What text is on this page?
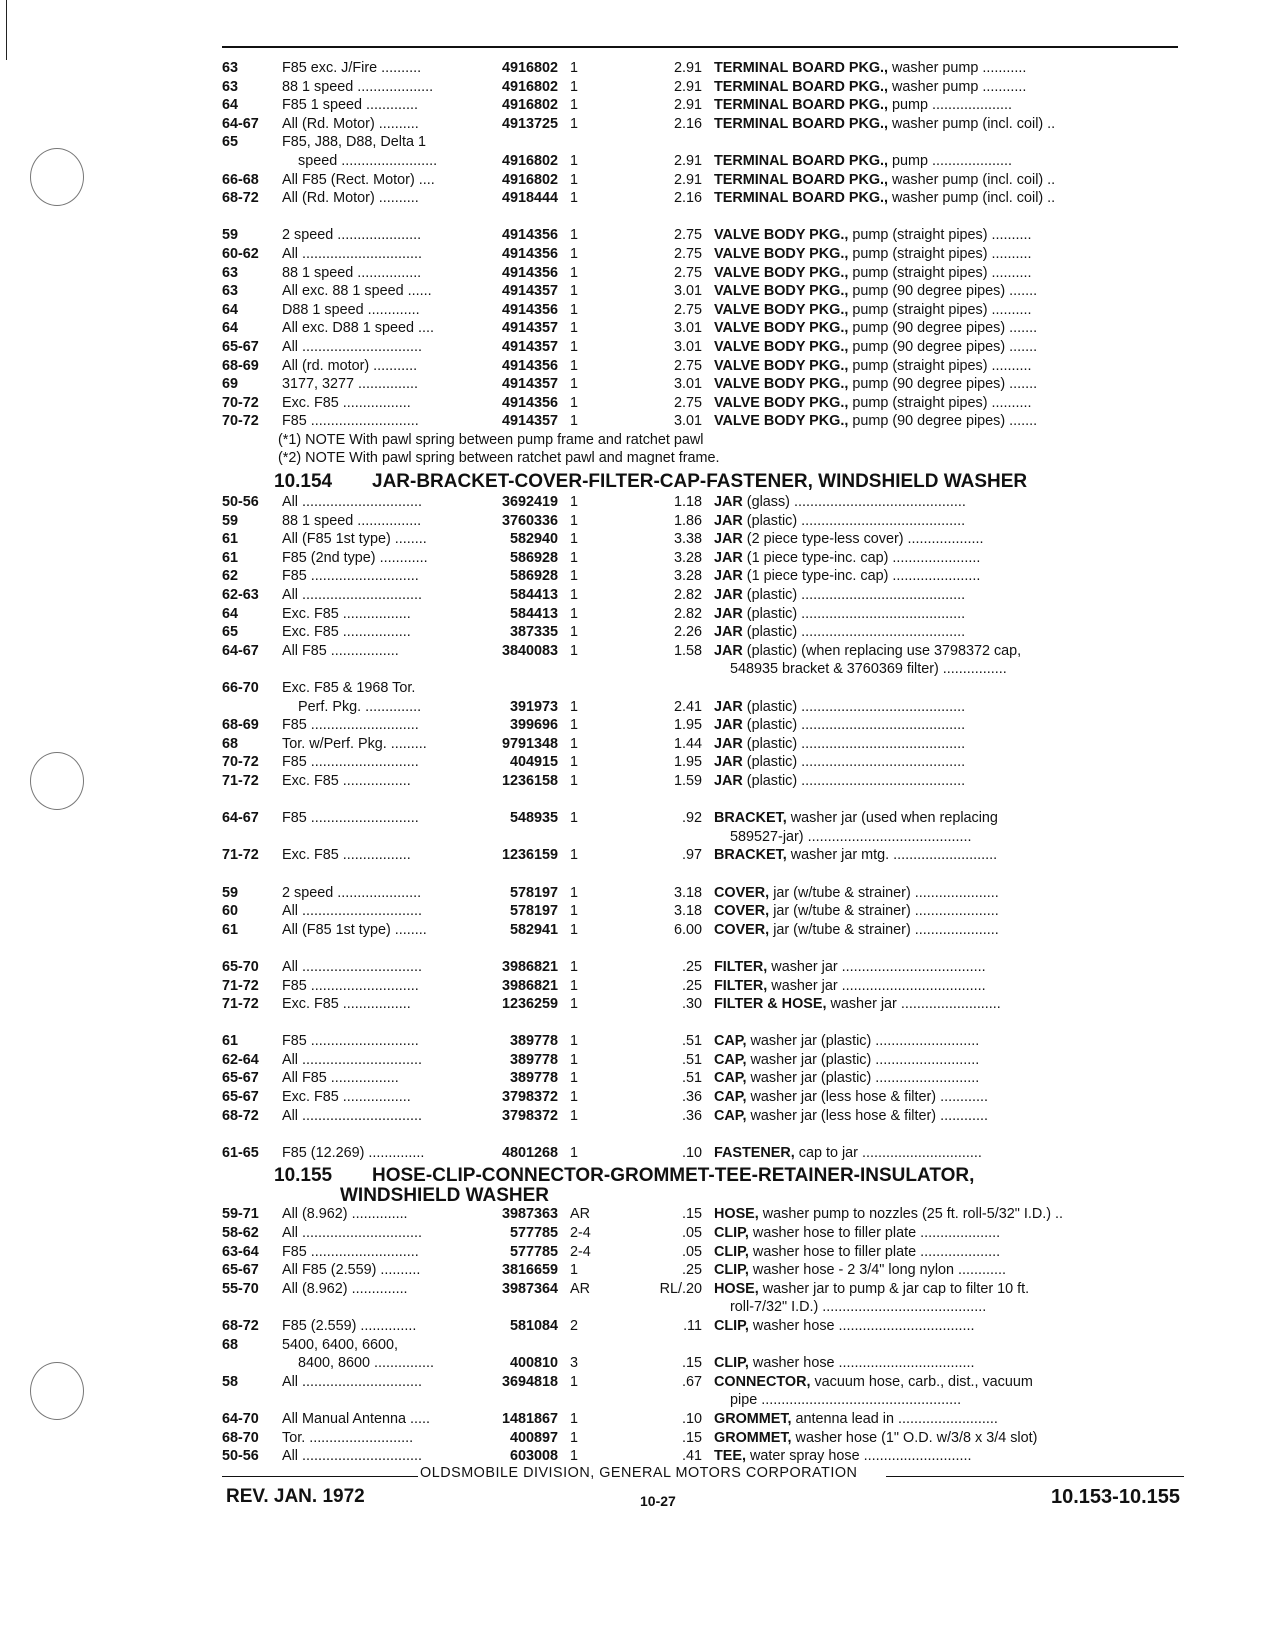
63	F85 exc. J/Fire ..........	4916802 1	2.91 TERMINAL BOARD PKG., washer pump ...........
63	88 1 speed ...................	4916802 1	2.91 TERMINAL BOARD PKG., washer pump ...........
64	F85 1 speed .............	4916802 1	2.91 TERMINAL BOARD PKG., pump ....................
64-67	All (Rd. Motor) ..........	4913725 1	2.16 TERMINAL BOARD PKG., washer pump (incl. coil) ..
65	F85, J88, D88, Delta 1
speed ........................	4916802 1	2.91 TERMINAL BOARD PKG., pump ....................
66-68	All F85 (Rect. Motor) ....	4916802 1	2.91 TERMINAL BOARD PKG., washer pump (incl. coil) ..
68-72	All (Rd. Motor) ..........	4918444 1	2.16 TERMINAL BOARD PKG., washer pump (incl. coil) ..
59	2 speed .....................	4914356 1	2.75 VALVE BODY PKG., pump (straight pipes) ..........
60-62	All ..............................	4914356 1	2.75 VALVE BODY PKG., pump (straight pipes) ..........
63	88 1 speed ................	4914356 1	2.75 VALVE BODY PKG., pump (straight pipes) ..........
63	All exc. 88 1 speed ......	4914357 1	3.01 VALVE BODY PKG., pump (90 degree pipes) .......
64	D88 1 speed .............	4914356 1	2.75 VALVE BODY PKG., pump (straight pipes) ..........
64	All exc. D88 1 speed ....	4914357 1	3.01 VALVE BODY PKG., pump (90 degree pipes) .......
65-67	All ..............................	4914357 1	3.01 VALVE BODY PKG., pump (90 degree pipes) .......
68-69	All (rd. motor) ...........	4914356 1	2.75 VALVE BODY PKG., pump (straight pipes) ..........
69	3177, 3277 ...............	4914357 1	3.01 VALVE BODY PKG., pump (90 degree pipes) .......
70-72	Exc. F85 .................	4914356 1	2.75 VALVE BODY PKG., pump (straight pipes) ..........
70-72	F85 ...........................	4914357 1	3.01 VALVE BODY PKG., pump (90 degree pipes) .......
(*1) NOTE With pawl spring between pump frame and ratchet pawl
(*2) NOTE With pawl spring between ratchet pawl and magnet frame.
10.154 JAR-BRACKET-COVER-FILTER-CAP-FASTENER, WINDSHIELD WASHER
50-56	All ..............................	3692419 1	1.18 JAR (glass) ...........................................
59	88 1 speed ................	3760336 1	1.86 JAR (plastic) .........................................
61	All (F85 1st type) ........	582940 1	3.38 JAR (2 piece type-less cover) ...................
61	F85 (2nd type) ............	586928 1	3.28 JAR (1 piece type-inc. cap) ......................
62	F85 ...........................	586928 1	3.28 JAR (1 piece type-inc. cap) ......................
62-63	All ..............................	584413 1	2.82 JAR (plastic) .........................................
64	Exc. F85 .................	584413 1	2.82 JAR (plastic) .........................................
65	Exc. F85 .................	387335 1	2.26 JAR (plastic) .........................................
64-67	All F85 .................	3840083 1	1.58 JAR (plastic) (when replacing use 3798372 cap,
548935 bracket & 3760369 filter) ................
66-70	Exc. F85 & 1968 Tor.
Perf. Pkg. ..............	391973 1	2.41 JAR (plastic) .........................................
68-69	F85 ...........................	399696 1	1.95 JAR (plastic) .........................................
68	Tor. w/Perf. Pkg. .........	9791348 1	1.44 JAR (plastic) .........................................
70-72	F85 ...........................	404915 1	1.95 JAR (plastic) .........................................
71-72	Exc. F85 .................	1236158 1	1.59 JAR (plastic) .........................................
64-67	F85 ...........................	548935 1	.92 BRACKET, washer jar (used when replacing
589527-jar) .........................................
71-72	Exc. F85 .................	1236159 1	.97 BRACKET, washer jar mtg. ..........................
59	2 speed .....................	578197 1	3.18 COVER, jar (w/tube & strainer) .....................
60	All ..............................	578197 1	3.18 COVER, jar (w/tube & strainer) .....................
61	All (F85 1st type) ........	582941 1	6.00 COVER, jar (w/tube & strainer) .....................
65-70	All ..............................	3986821 1	.25 FILTER, washer jar ....................................
71-72	F85 ...........................	3986821 1	.25 FILTER, washer jar ....................................
71-72	Exc. F85 .................	1236259 1	.30 FILTER & HOSE, washer jar .........................
61	F85 ...........................	389778 1	.51 CAP, washer jar (plastic) ..........................
62-64	All ..............................	389778 1	.51 CAP, washer jar (plastic) ..........................
65-67	All F85 .................	389778 1	.51 CAP, washer jar (plastic) ..........................
65-67	Exc. F85 .................	3798372 1	.36 CAP, washer jar (less hose & filter) ............
68-72	All ..............................	3798372 1	.36 CAP, washer jar (less hose & filter) ............
61-65	F85 (12.269) ..............	4801268 1	.10 FASTENER, cap to jar ..............................
10.155 HOSE-CLIP-CONNECTOR-GROMMET-TEE-RETAINER-INSULATOR,
WINDSHIELD WASHER
59-71	All (8.962) ..............	3987363 AR	.15 HOSE, washer pump to nozzles (25 ft. roll-5/32" I.D.) ..
58-62	All ..............................	577785 2-4	.05 CLIP, washer hose to filler plate ....................
63-64	F85 ...........................	577785 2-4	.05 CLIP, washer hose to filler plate ....................
65-67	All F85 (2.559) ..........	3816659 1	.25 CLIP, washer hose - 2 3/4" long nylon ............
55-70	All (8.962) ..............	3987364 AR	RL/.20 HOSE, washer jar to pump & jar cap to filter 10 ft.
roll-7/32" I.D.) .........................................
68-72	F85 (2.559) ..............	581084 2	.11 CLIP, washer hose ..................................
68	5400, 6400, 6600,
8400, 8600 ...............	400810 3	.15 CLIP, washer hose ..................................
58	All ..............................	3694818 1	.67 CONNECTOR, vacuum hose, carb., dist., vacuum
pipe ..................................................
64-70	All Manual Antenna .....	1481867 1	.10 GROMMET, antenna lead in .........................
68-70	Tor. ..........................	400897 1	.15 GROMMET, washer hose (1" O.D. w/3/8 x 3/4 slot)
50-56	All ..............................	603008 1	.41 TEE, water spray hose ...........................
OLDSMOBILE DIVISION, GENERAL MOTORS CORPORATION
REV. JAN. 1972	10-27	10.153-10.155
